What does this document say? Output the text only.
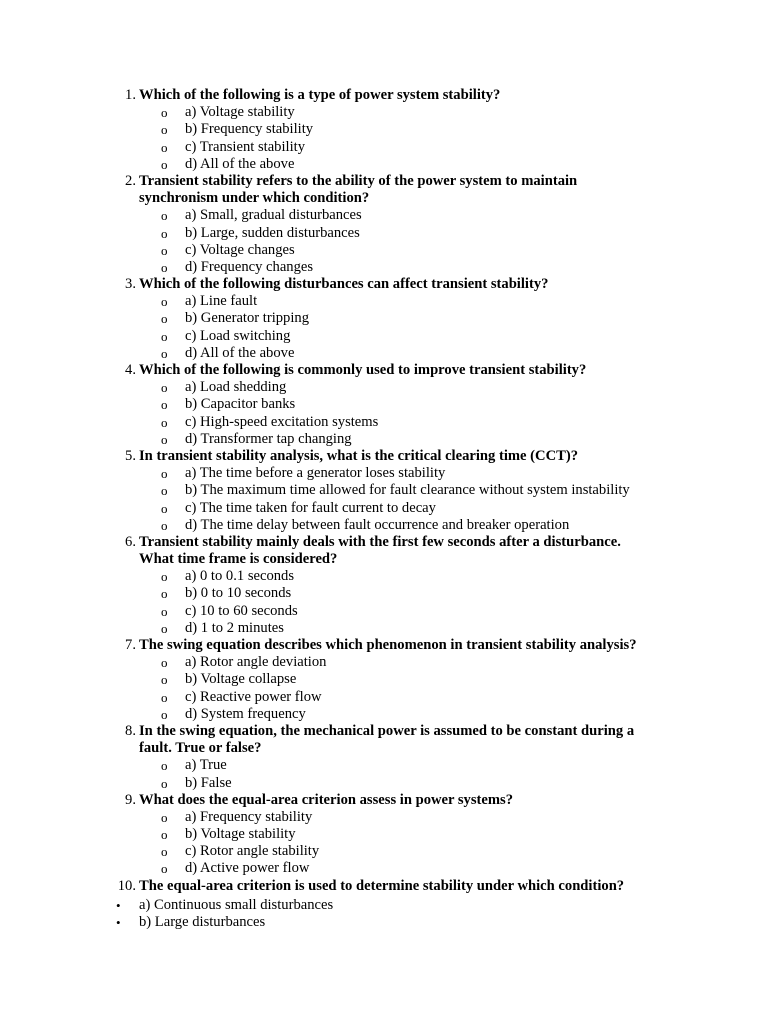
1. Which of the following is a type of power system stability?
o a) Voltage stability
o b) Frequency stability
o c) Transient stability
o d) All of the above
2. Transient stability refers to the ability of the power system to maintain
synchronism under which condition?
o a) Small, gradual disturbances
o b) Large, sudden disturbances
o c) Voltage changes
o d) Frequency changes
3. Which of the following disturbances can affect transient stability?
o a) Line fault
o b) Generator tripping
o c) Load switching
o d) All of the above
4. Which of the following is commonly used to improve transient stability?
o a) Load shedding
o b) Capacitor banks
o c) High-speed excitation systems
o d) Transformer tap changing
5. In transient stability analysis, what is the critical clearing time (CCT)?
o a) The time before a generator loses stability
o b) The maximum time allowed for fault clearance without system instability
o c) The time taken for fault current to decay
o d) The time delay between fault occurrence and breaker operation
6. Transient stability mainly deals with the first few seconds after a disturbance.
What time frame is considered?
o a) 0 to 0.1 seconds
o b) 0 to 10 seconds
o c) 10 to 60 seconds
o d) 1 to 2 minutes
7. The swing equation describes which phenomenon in transient stability analysis?
o a) Rotor angle deviation
o b) Voltage collapse
o c) Reactive power flow
o d) System frequency
8. In the swing equation, the mechanical power is assumed to be constant during a
fault. True or false?
o a) True
o b) False
9. What does the equal-area criterion assess in power systems?
o a) Frequency stability
o b) Voltage stability
o c) Rotor angle stability
o d) Active power flow
10. The equal-area criterion is used to determine stability under which condition?
• a) Continuous small disturbances
• b) Large disturbances
